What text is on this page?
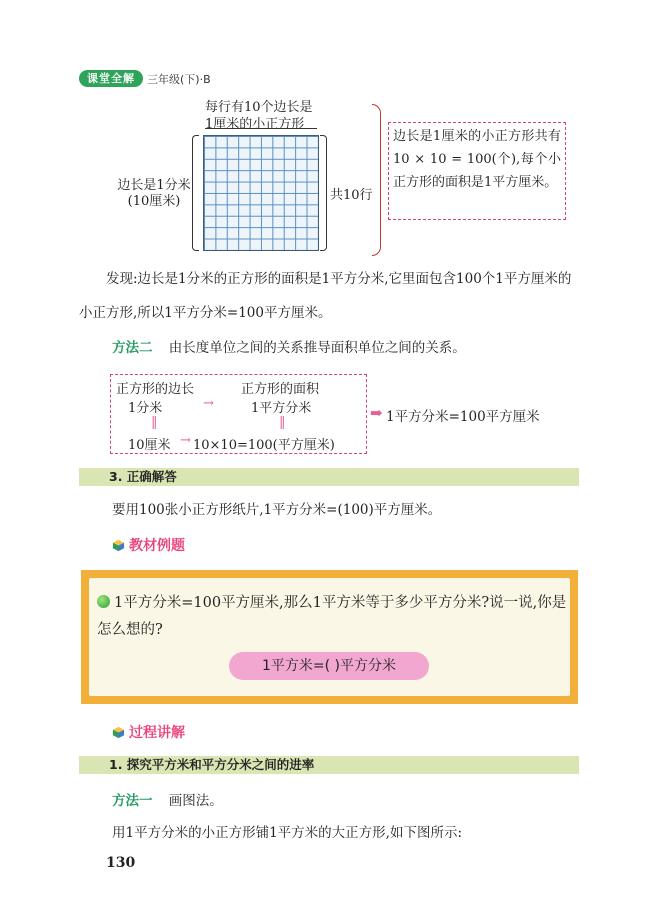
课堂全解	三年级(下)·B
每行有10个边长是
1厘米的小正方形
边长是1分米
(10厘米)	共10行
边长是1厘米的小正方形共有 10 × 10 = 100(个),每个小正方形的面积是1平方厘米。
发现:边长是1分米的正方形的面积是1平方分米,它里面包含100个1平方厘米的小正方形,所以1平方分米=100平方厘米。
方法二 由长度单位之间的关系推导面积单位之间的关系。
正方形的边长	正方形的面积
1分米	→	1平方分米
‖	‖
10厘米 → 10×10=100(平方厘米)
➡ 1平方分米=100平方厘米
3. 正确解答
要用100张小正方形纸片,1平方分米=(100)平方厘米。
教材例题
1平方分米=100平方厘米,那么1平方米等于多少平方分米?说一说,你是怎么想的?
1平方米=( )平方分米
过程讲解
1. 探究平方米和平方分米之间的进率
方法一 画图法。
用1平方分米的小正方形铺1平方米的大正方形,如下图所示:
130
